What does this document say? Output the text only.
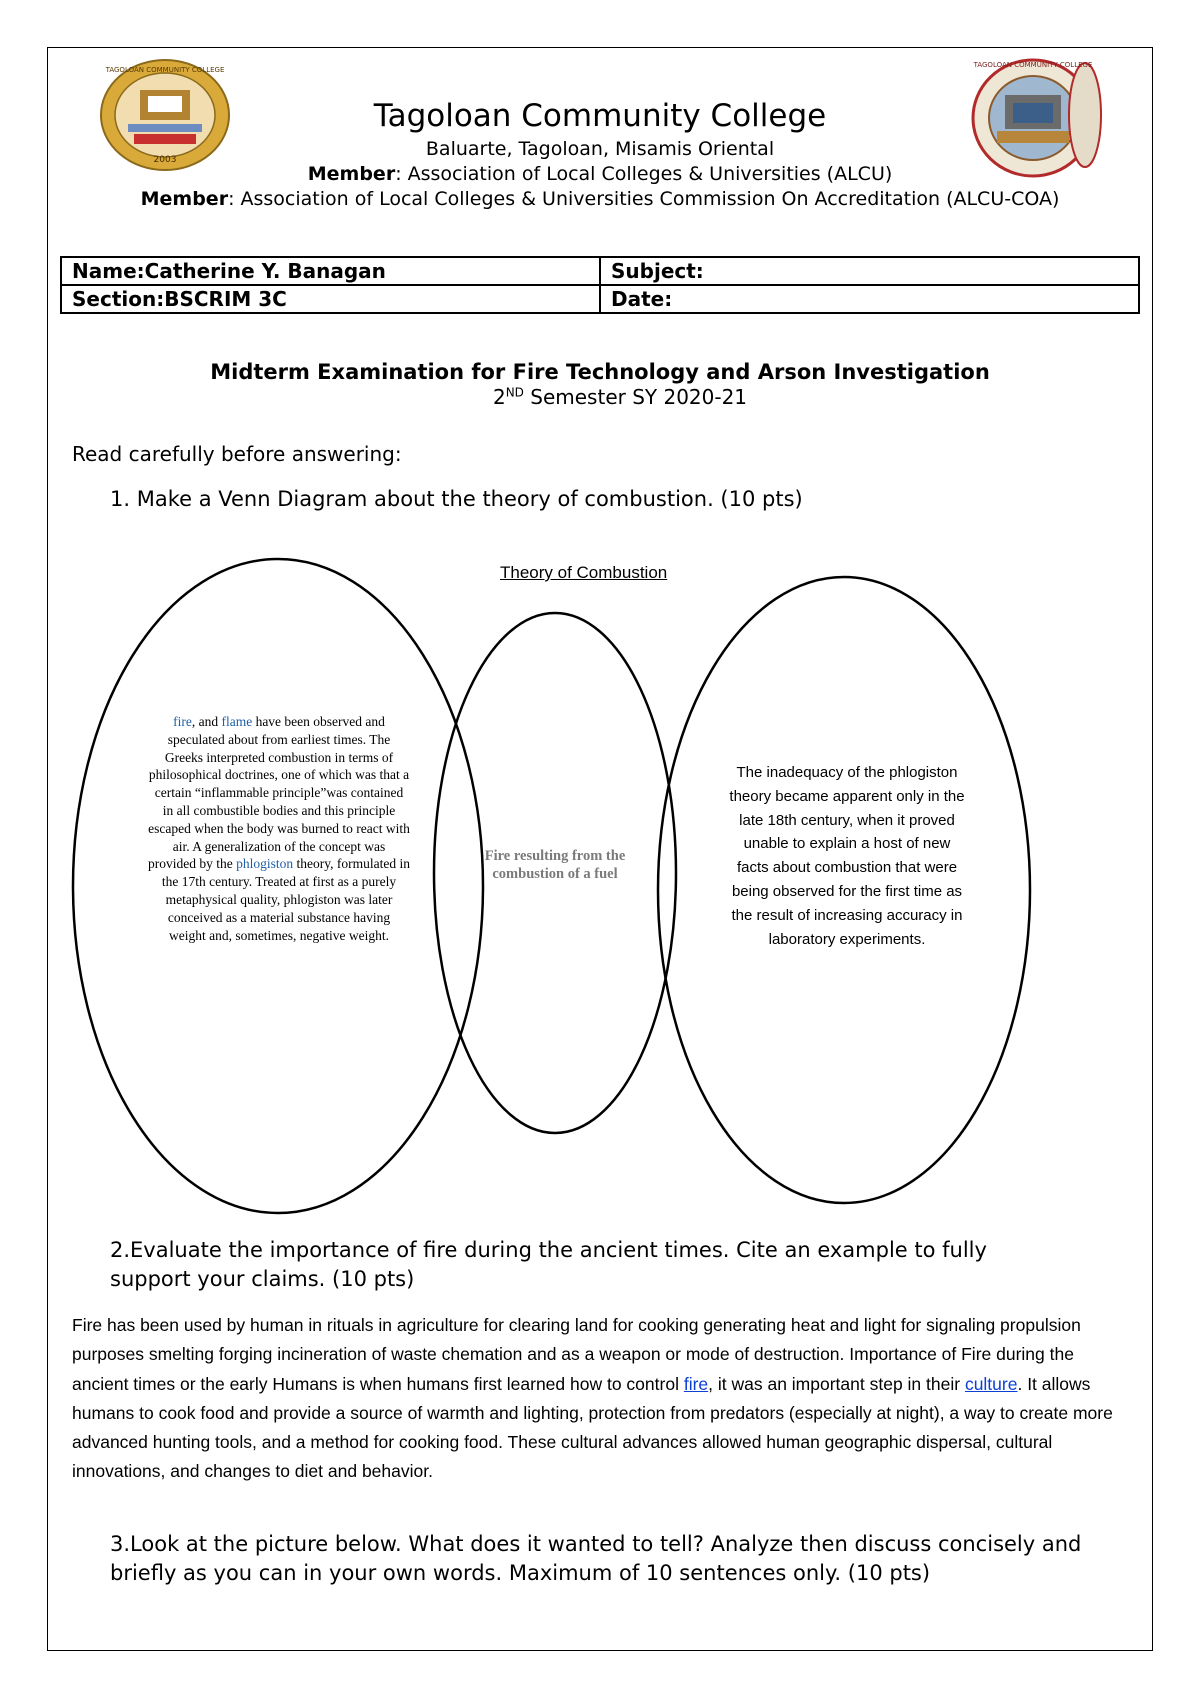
2003
TAGOLOAN COMMUNITY COLLEGE
TAGOLOAN COMMUNITY COLLEGE
Tagoloan Community College
Baluarte, Tagoloan, Misamis Oriental
Member: Association of Local Colleges & Universities (ALCU)
Member: Association of Local Colleges & Universities Commission On Accreditation (ALCU-COA)
Name:Catherine Y. Banagan	Subject:
Section:BSCRIM 3C	Date:
Midterm Examination for Fire Technology and Arson Investigation
2ND Semester SY 2020-21
Read carefully before answering:
1. Make a Venn Diagram about the theory of combustion. (10 pts)
Theory of Combustion
fire, and flame have been observed and speculated about from earliest times. The Greeks interpreted combustion in terms of philosophical doctrines, one of which was that a certain “inflammable principle”was contained in all combustible bodies and this principle escaped when the body was burned to react with air. A generalization of the concept was provided by the phlogiston theory, formulated in the 17th century. Treated at first as a purely metaphysical quality, phlogiston was later conceived as a material substance having weight and, sometimes, negative weight.
Fire resulting from the combustion of a fuel
The inadequacy of the phlogiston theory became apparent only in the late 18th century, when it proved unable to explain a host of new facts about combustion that were being observed for the first time as the result of increasing accuracy in laboratory experiments.
2.Evaluate the importance of fire during the ancient times. Cite an example to fully support your claims. (10 pts)
Fire has been used by human in rituals in agriculture for clearing land for cooking generating heat and light for signaling propulsion purposes smelting forging incineration of waste chemation and as a weapon or mode of destruction. Importance of Fire during the ancient times or the early Humans is when humans first learned how to control fire, it was an important step in their culture. It allows humans to cook food and provide a source of warmth and lighting, protection from predators (especially at night), a way to create more advanced hunting tools, and a method for cooking food. These cultural advances allowed human geographic dispersal, cultural innovations, and changes to diet and behavior.
3.Look at the picture below. What does it wanted to tell? Analyze then discuss concisely and briefly as you can in your own words. Maximum of 10 sentences only. (10 pts)
